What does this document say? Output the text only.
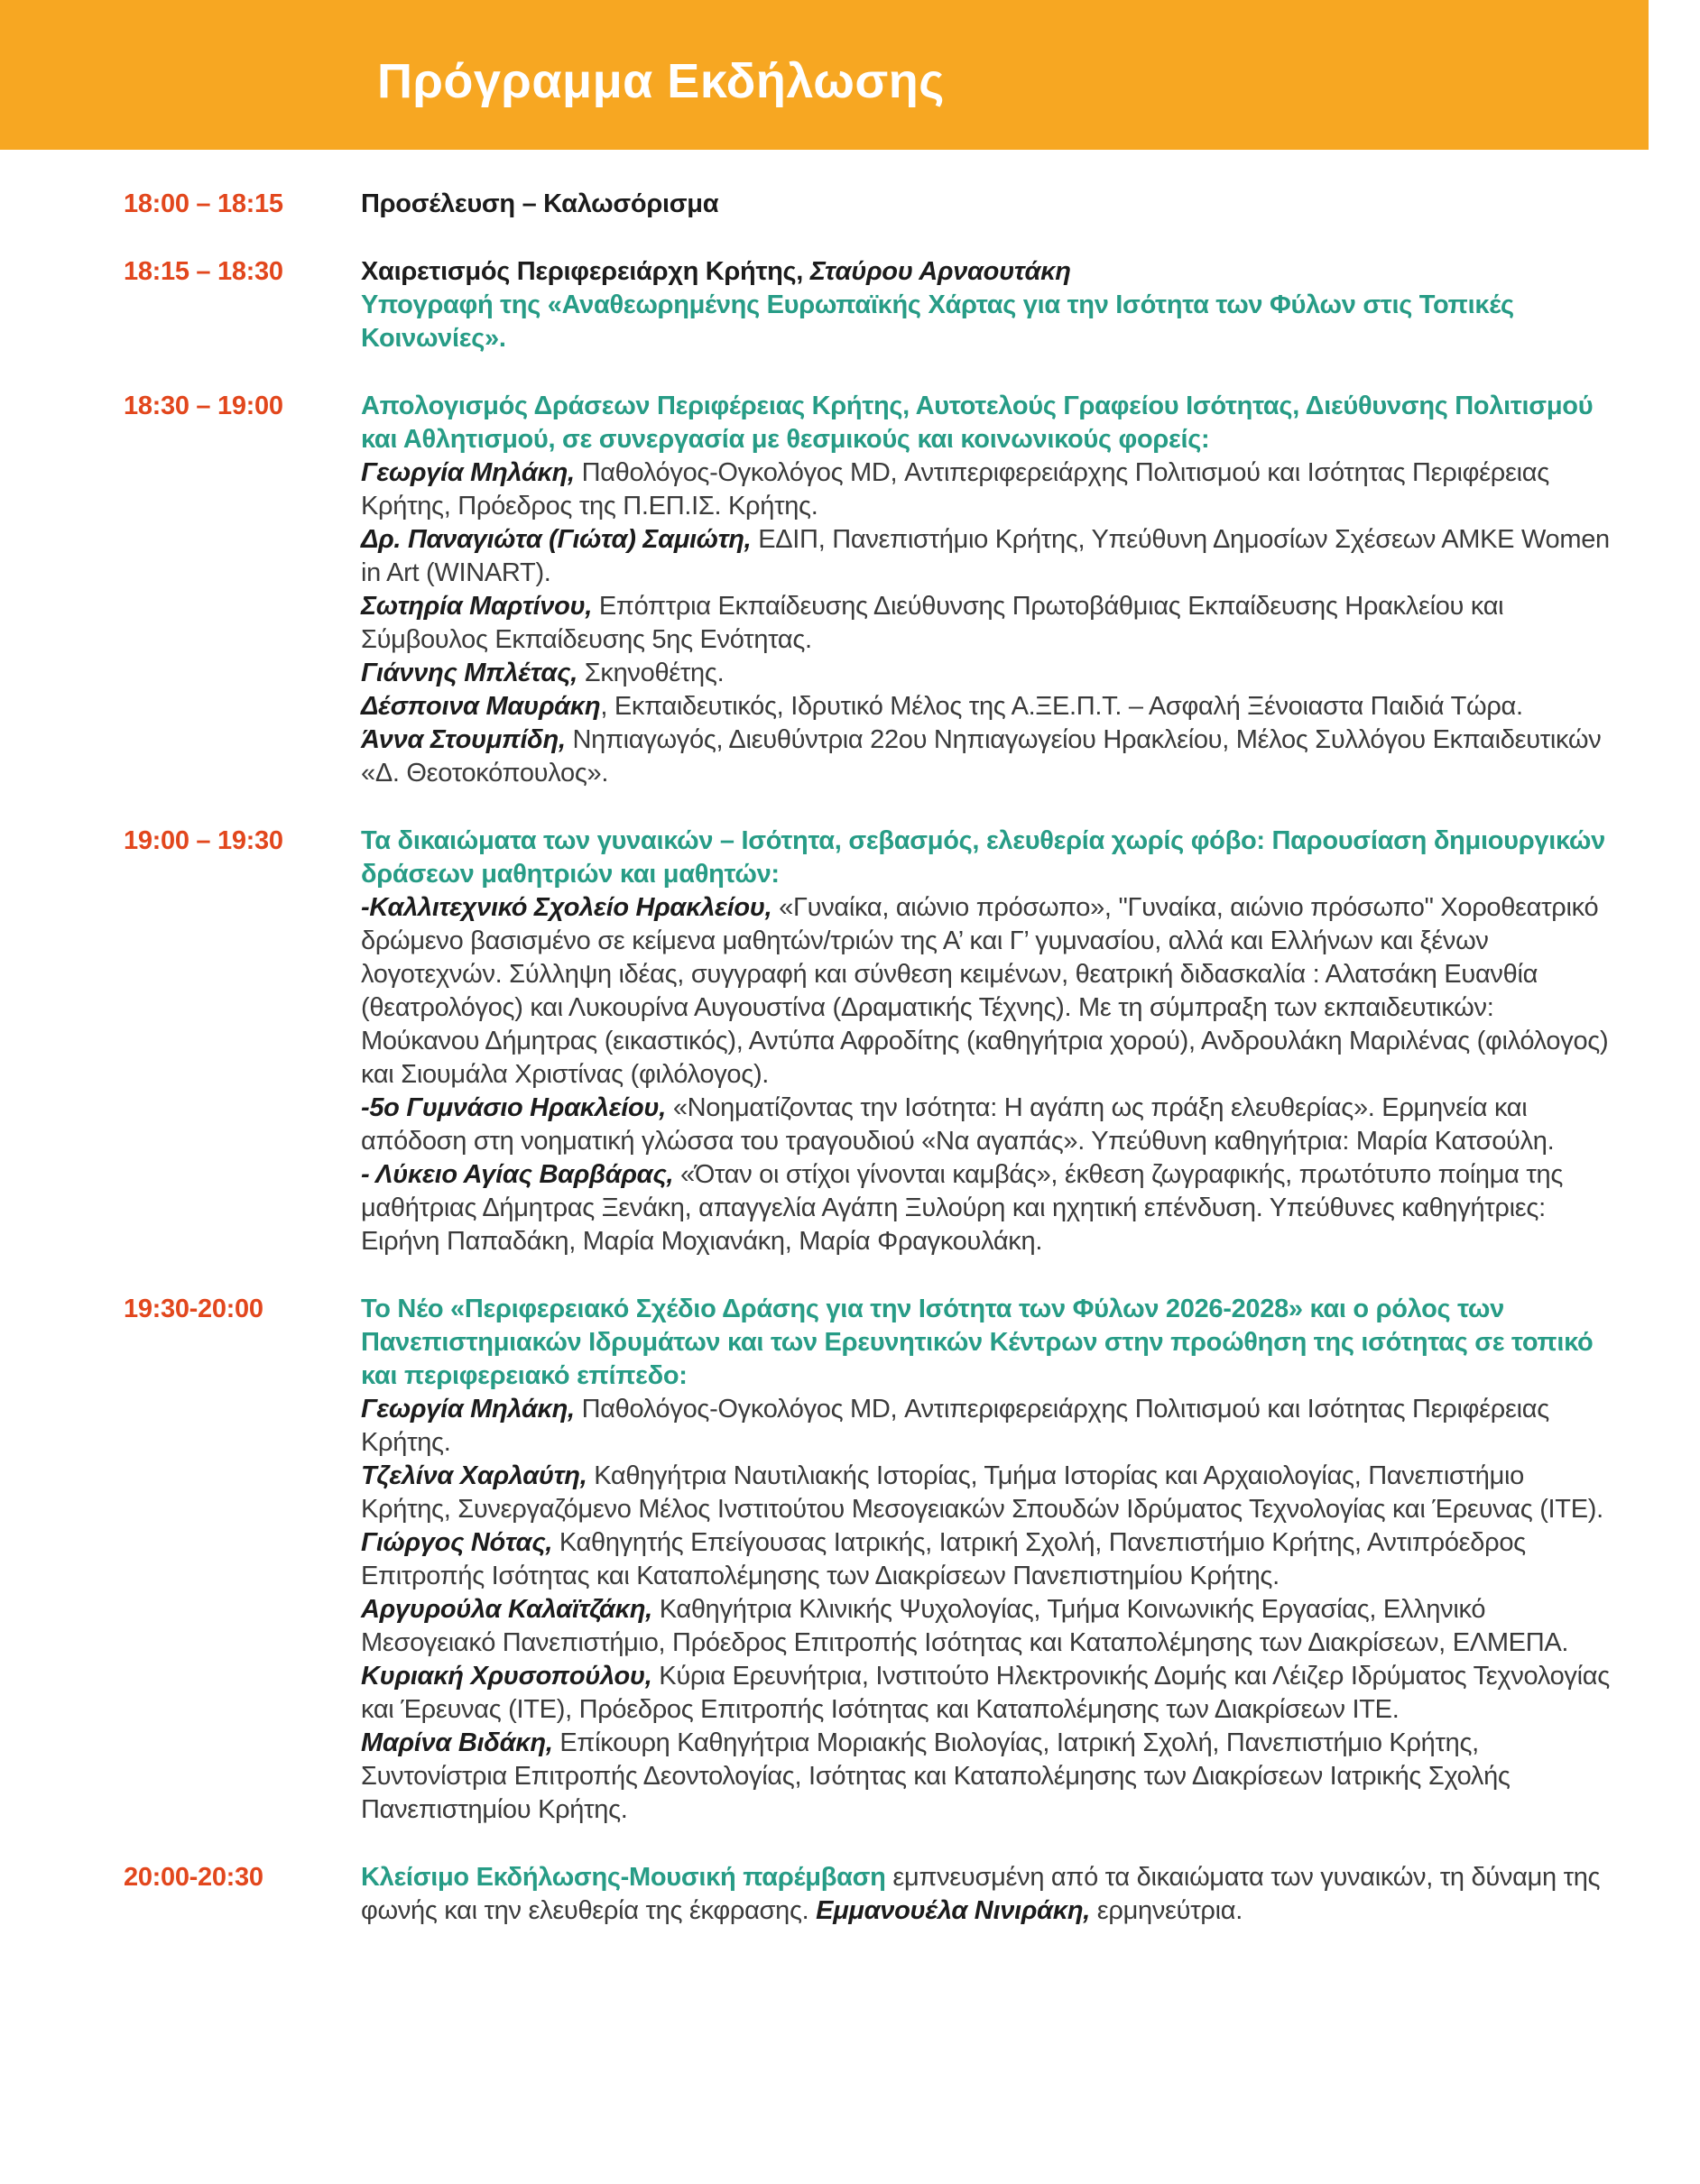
Πρόγραμμα Εκδήλωσης
18:00 – 18:15	Προσέλευση – Καλωσόρισμα

18:15 – 18:30	Χαιρετισμός Περιφερειάρχη Κρήτης, Σταύρου Αρναουτάκη

Υπογραφή της «Αναθεωρημένης Ευρωπαϊκής Χάρτας για την Ισότητα των Φύλων στις Τοπικές Κοινωνίες».

18:30 – 19:00	Απολογισμός Δράσεων Περιφέρειας Κρήτης, Αυτοτελούς Γραφείου Ισότητας, Διεύθυνσης Πολιτισμού και Αθλητισμού, σε συνεργασία με θεσμικούς και κοινωνικούς φορείς:

Γεωργία Μηλάκη, Παθολόγος-Ογκολόγος MD, Αντιπεριφερειάρχης Πολιτισμού και Ισότητας Περιφέρειας Κρήτης, Πρόεδρος της Π.ΕΠ.ΙΣ. Κρήτης.

Δρ. Παναγιώτα (Γιώτα) Σαμιώτη, ΕΔΙΠ, Πανεπιστήμιο Κρήτης, Υπεύθυνη Δημοσίων Σχέσεων ΑΜΚΕ Women in Art (WINART).

Σωτηρία Μαρτίνου, Επόπτρια Εκπαίδευσης Διεύθυνσης Πρωτοβάθμιας Εκπαίδευσης Ηρακλείου και Σύμβουλος Εκπαίδευσης 5ης Ενότητας.

Γιάννης Μπλέτας, Σκηνοθέτης.

Δέσποινα Μαυράκη, Εκπαιδευτικός, Ιδρυτικό Μέλος της Α.ΞΕ.Π.Τ. – Ασφαλή Ξένοιαστα Παιδιά Τώρα.

Άννα Στουμπίδη, Νηπιαγωγός, Διευθύντρια 22ου Νηπιαγωγείου Ηρακλείου, Μέλος Συλλόγου Εκπαιδευτικών «Δ. Θεοτοκόπουλος».

19:00 – 19:30	Τα δικαιώματα των γυναικών – Ισότητα, σεβασμός, ελευθερία χωρίς φόβο: Παρουσίαση δημιουργικών δράσεων μαθητριών και μαθητών:

-Καλλιτεχνικό Σχολείο Ηρακλείου, «Γυναίκα, αιώνιο πρόσωπο», "Γυναίκα, αιώνιο πρόσωπο" Χοροθεατρικό δρώμενο βασισμένο σε κείμενα μαθητών/τριών της Α’ και Γ’ γυμνασίου, αλλά και Ελλήνων και ξένων λογοτεχνών. Σύλληψη ιδέας, συγγραφή και σύνθεση κειμένων, θεατρική διδασκαλία : Αλατσάκη Ευανθία (θεατρολόγος) και Λυκουρίνα Αυγουστίνα (Δραματικής Τέχνης). Με τη σύμπραξη των εκπαιδευτικών: Μούκανου Δήμητρας (εικαστικός), Αντύπα Αφροδίτης (καθηγήτρια χορού), Ανδρουλάκη Μαριλένας (φιλόλογος) και Σιουμάλα Χριστίνας (φιλόλογος).

-5ο Γυμνάσιο Ηρακλείου, «Νοηματίζοντας την Ισότητα: Η αγάπη ως πράξη ελευθερίας». Ερμηνεία και απόδοση στη νοηματική γλώσσα του τραγουδιού «Να αγαπάς». Υπεύθυνη καθηγήτρια: Μαρία Κατσούλη.

- Λύκειο Αγίας Βαρβάρας, «Όταν οι στίχοι γίνονται καμβάς», έκθεση ζωγραφικής, πρωτότυπο ποίημα της μαθήτριας Δήμητρας Ξενάκη, απαγγελία Αγάπη Ξυλούρη και ηχητική επένδυση. Υπεύθυνες καθηγήτριες: Ειρήνη Παπαδάκη, Μαρία Μοχιανάκη, Μαρία Φραγκουλάκη.

19:30-20:00	Το Νέο «Περιφερειακό Σχέδιο Δράσης για την Ισότητα των Φύλων 2026-2028» και ο ρόλος των Πανεπιστημιακών Ιδρυμάτων και των Ερευνητικών Κέντρων στην προώθηση της ισότητας σε τοπικό και περιφερειακό επίπεδο:

Γεωργία Μηλάκη, Παθολόγος-Ογκολόγος MD, Αντιπεριφερειάρχης Πολιτισμού και Ισότητας Περιφέρειας Κρήτης.

Τζελίνα Χαρλαύτη, Καθηγήτρια Ναυτιλιακής Ιστορίας, Τμήμα Ιστορίας και Αρχαιολογίας, Πανεπιστήμιο Κρήτης, Συνεργαζόμενο Μέλος Ινστιτούτου Μεσογειακών Σπουδών Ιδρύματος Τεχνολογίας και Έρευνας (ΙΤΕ).

Γιώργος Νότας, Καθηγητής Επείγουσας Ιατρικής, Ιατρική Σχολή, Πανεπιστήμιο Κρήτης, Αντιπρόεδρος Επιτροπής Ισότητας και Καταπολέμησης των Διακρίσεων Πανεπιστημίου Κρήτης.

Αργυρούλα Καλαϊτζάκη, Καθηγήτρια Κλινικής Ψυχολογίας, Τμήμα Κοινωνικής Εργασίας, Ελληνικό Μεσογειακό Πανεπιστήμιο, Πρόεδρος Επιτροπής Ισότητας και Καταπολέμησης των Διακρίσεων, ΕΛΜΕΠΑ.

Κυριακή Χρυσοπούλου, Κύρια Ερευνήτρια, Ινστιτούτο Ηλεκτρονικής Δομής και Λέιζερ Ιδρύματος Τεχνολογίας και Έρευνας (ΙΤΕ), Πρόεδρος Επιτροπής Ισότητας και Καταπολέμησης των Διακρίσεων ΙΤΕ.

Μαρίνα Βιδάκη, Επίκουρη Καθηγήτρια Μοριακής Βιολογίας, Ιατρική Σχολή, Πανεπιστήμιο Κρήτης, Συντονίστρια Επιτροπής Δεοντολογίας, Ισότητας και Καταπολέμησης των Διακρίσεων Ιατρικής Σχολής Πανεπιστημίου Κρήτης.

20:00-20:30	Κλείσιμο Εκδήλωσης-Μουσική παρέμβαση εμπνευσμένη από τα δικαιώματα των γυναικών, τη δύναμη της φωνής και την ελευθερία της έκφρασης. Εμμανουέλα Νινιράκη, ερμηνεύτρια.
